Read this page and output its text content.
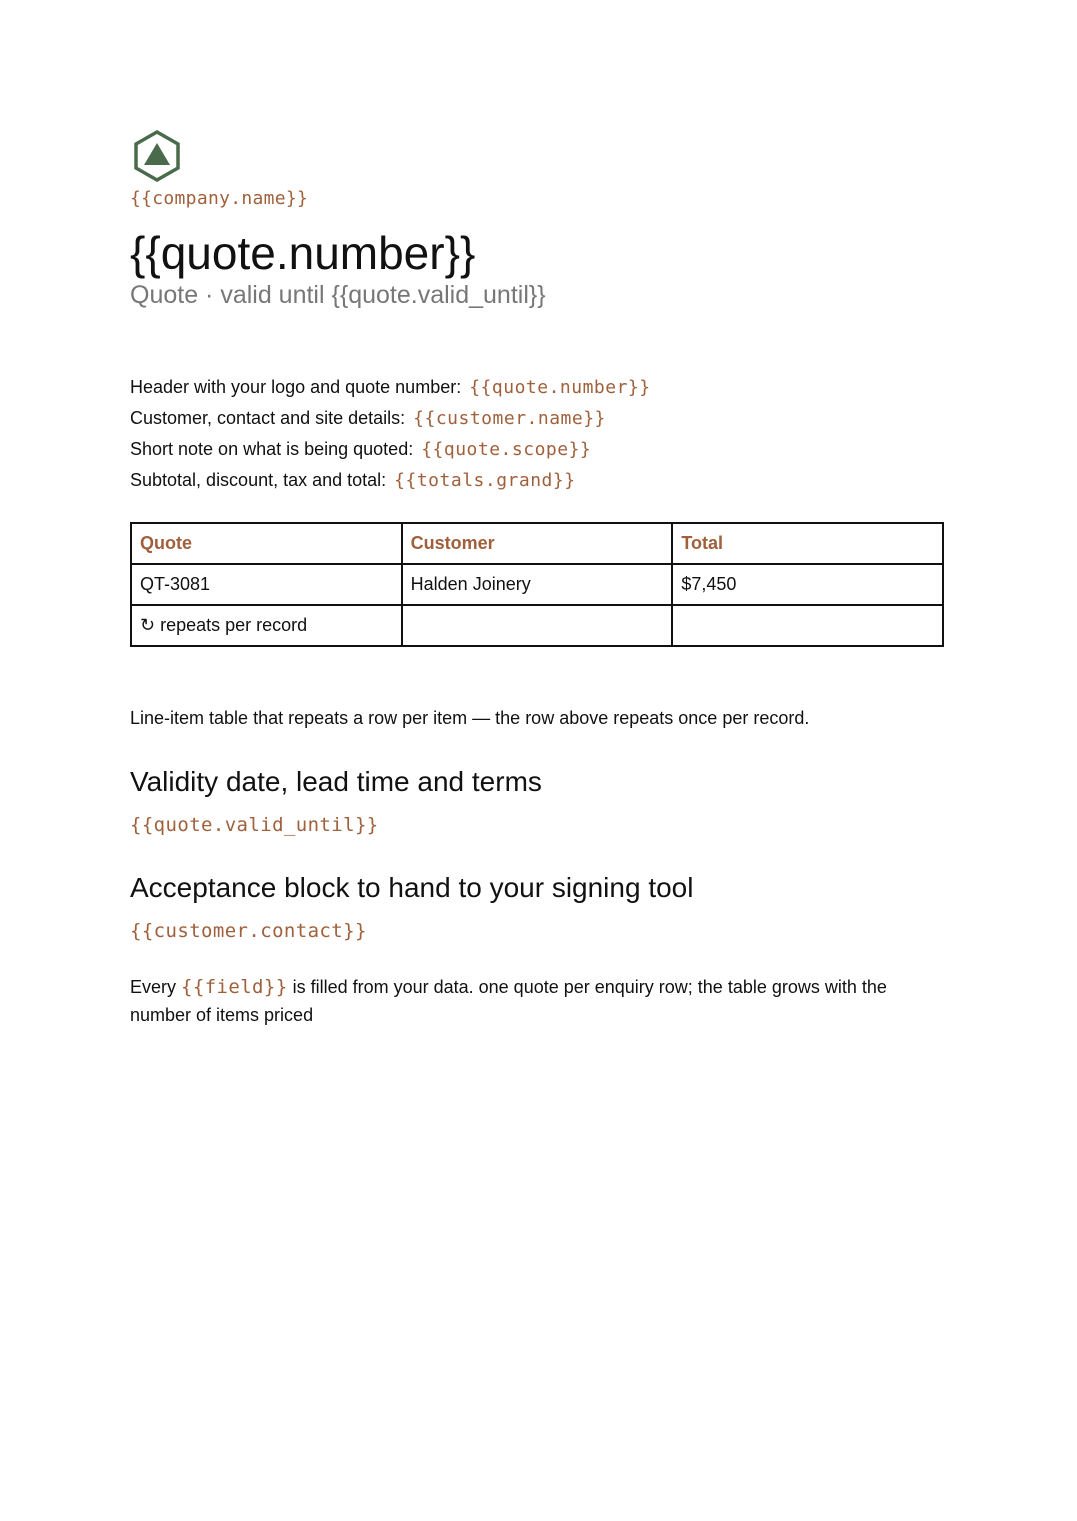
{{company.name}}
{{quote.number}}
Quote · valid until {{quote.valid_until}}
Header with your logo and quote number: {{quote.number}}
Customer, contact and site details: {{customer.name}}
Short note on what is being quoted: {{quote.scope}}
Subtotal, discount, tax and total: {{totals.grand}}
Quote	Customer	Total
QT-3081	Halden Joinery	$7,450
↻ repeats per record		
Line-item table that repeats a row per item — the row above repeats once per record.
Validity date, lead time and terms
{{quote.valid_until}}
Acceptance block to hand to your signing tool
{{customer.contact}}
Every {{field}} is filled from your data. one quote per enquiry row; the table grows with the number of items priced
